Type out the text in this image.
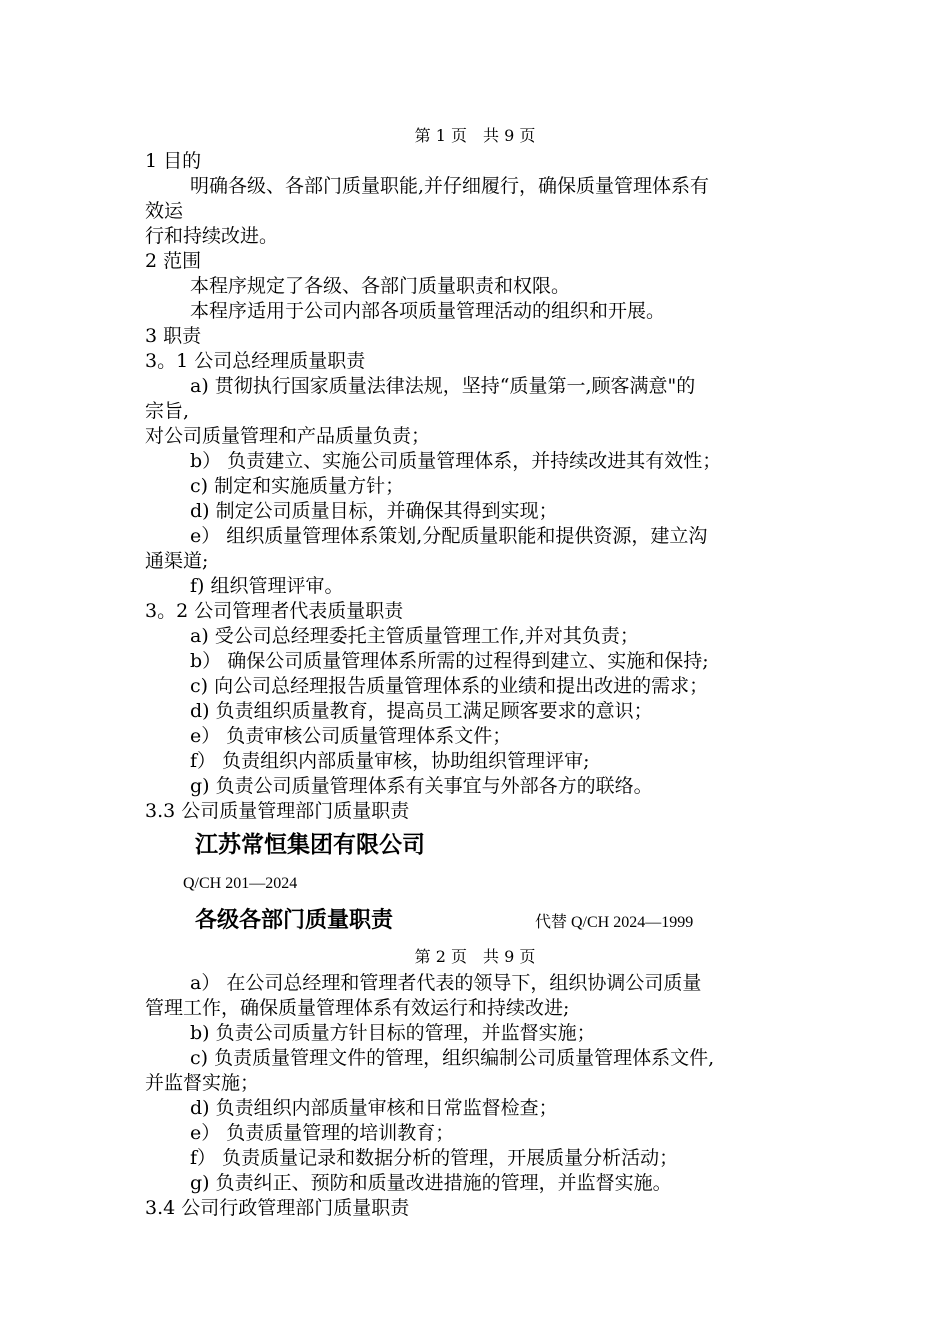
第 1 页　共 9 页
1 目的
明确各级、各部门质量职能,并仔细履行，确保质量管理体系有
效运
行和持续改进。
2 范围
本程序规定了各级、各部门质量职责和权限。
本程序适用于公司内部各项质量管理活动的组织和开展。
3 职责
3。1 公司总经理质量职责
a) 贯彻执行国家质量法律法规，坚持“质量第一,顾客满意"的
宗旨,
对公司质量管理和产品质量负责；
b） 负责建立、实施公司质量管理体系，并持续改进其有效性；
c) 制定和实施质量方针；
d) 制定公司质量目标，并确保其得到实现；
e） 组织质量管理体系策划,分配质量职能和提供资源，建立沟
通渠道;
f) 组织管理评审。
3。2 公司管理者代表质量职责
a) 受公司总经理委托主管质量管理工作,并对其负责；
b） 确保公司质量管理体系所需的过程得到建立、实施和保持;
c) 向公司总经理报告质量管理体系的业绩和提出改进的需求；
d) 负责组织质量教育，提高员工满足顾客要求的意识；
e） 负责审核公司质量管理体系文件；
f） 负责组织内部质量审核，协助组织管理评审;
g) 负责公司质量管理体系有关事宜与外部各方的联络。
3.3 公司质量管理部门质量职责
江苏常恒集团有限公司
Q/CH 201—2024
各级各部门质量职责	代替 Q/CH 2024—1999
第 2 页　共 9 页
a） 在公司总经理和管理者代表的领导下，组织协调公司质量
管理工作，确保质量管理体系有效运行和持续改进;
b) 负责公司质量方针目标的管理，并监督实施；
c) 负责质量管理文件的管理，组织编制公司质量管理体系文件,
并监督实施；
d) 负责组织内部质量审核和日常监督检查；
e） 负责质量管理的培训教育；
f） 负责质量记录和数据分析的管理，开展质量分析活动；
g) 负责纠正、预防和质量改进措施的管理，并监督实施。
3.4 公司行政管理部门质量职责
